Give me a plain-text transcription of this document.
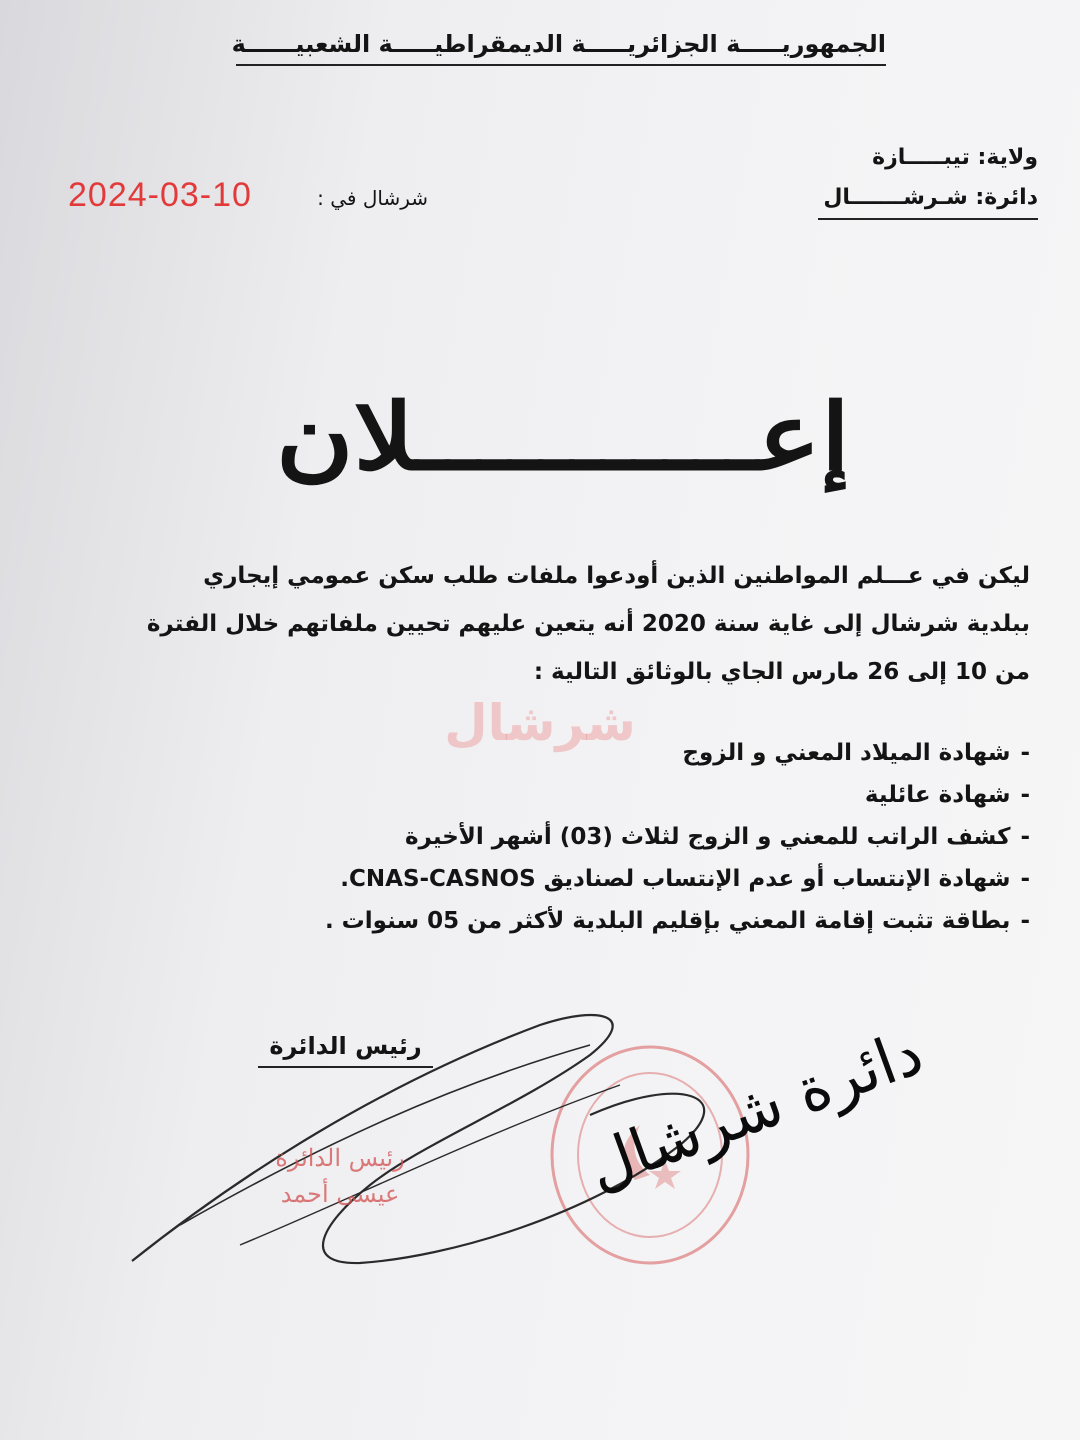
الجمهوريـــــة الجزائريـــــة الديمقراطيـــــة الشعبيــــــة
ولاية: تيبـــــازة
دائرة: شـرشـــــــال
شرشال في :
2024-03-10
إعـــــــــــلان
ليكن في عـــلم المواطنين الذين أودعوا ملفات طلب سكن عمومي إيجاري
ببلدية شرشال إلى غاية سنة 2020 أنه يتعين عليهم تحيين ملفاتهم خلال الفترة
من 10 إلى 26 مارس الجاي بالوثائق التالية :
شرشال
-شهادة الميلاد المعني و الزوج
-شهادة عائلية
-كشف الراتب للمعني و الزوج لثلاث (03) أشهر الأخيرة
-شهادة الإنتساب أو عدم الإنتساب لصناديق CNAS-CASNOS.
-بطاقة تثبت إقامة المعني بإقليم البلدية لأكثر من 05 سنوات .
رئيس الدائرة
رئيس الدائرة
عيسى أحمد	دائرة شرشال
